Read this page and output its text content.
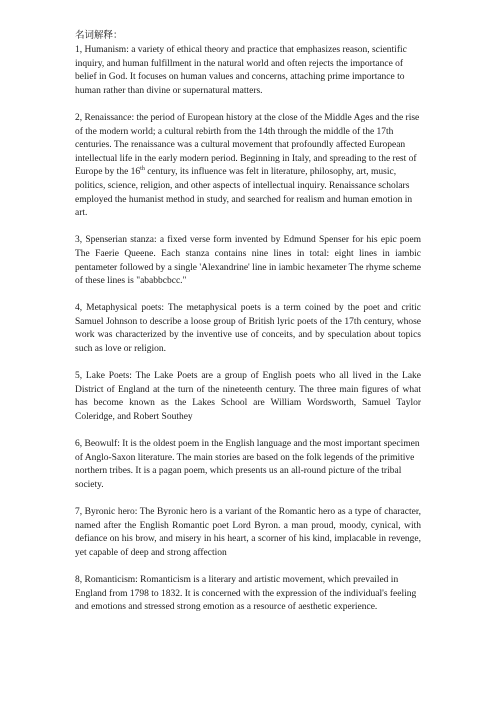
名词解释：

1, Humanism: a variety of ethical theory and practice that emphasizes reason, scientific inquiry, and human fulfillment in the natural world and often rejects the importance of belief in God. It focuses on human values and concerns, attaching prime importance to human rather than divine or supernatural matters.

2, Renaissance: the period of European history at the close of the Middle Ages and the rise of the modern world; a cultural rebirth from the 14th through the middle of the 17th centuries. The renaissance was a cultural movement that profoundly affected European intellectual life in the early modern period. Beginning in Italy, and spreading to the rest of Europe by the 16th century, its influence was felt in literature, philosophy, art, music, politics, science, religion, and other aspects of intellectual inquiry. Renaissance scholars employed the humanist method in study, and searched for realism and human emotion in art.

3, Spenserian stanza: a fixed verse form invented by Edmund Spenser for his epic poem The Faerie Queene. Each stanza contains nine lines in total: eight lines in iambic pentameter followed by a single 'Alexandrine' line in iambic hexameter The rhyme scheme of these lines is "ababbcbcc."

4, Metaphysical poets: The metaphysical poets is a term coined by the poet and critic Samuel Johnson to describe a loose group of British lyric poets of the 17th century, whose work was characterized by the inventive use of conceits, and by speculation about topics such as love or religion.

5, Lake Poets: The Lake Poets are a group of English poets who all lived in the Lake District of England at the turn of the nineteenth century. The three main figures of what has become known as the Lakes School are William Wordsworth, Samuel Taylor Coleridge, and Robert Southey

6, Beowulf: It is the oldest poem in the English language and the most important specimen of Anglo-Saxon literature. The main stories are based on the folk legends of the primitive northern tribes. It is a pagan poem, which presents us an all-round picture of the tribal society.

7, Byronic hero: The Byronic hero is a variant of the Romantic hero as a type of character, named after the English Romantic poet Lord Byron. a man proud, moody, cynical, with defiance on his brow, and misery in his heart, a scorner of his kind, implacable in revenge, yet capable of deep and strong affection

8, Romanticism: Romanticism is a literary and artistic movement, which prevailed in England from 1798 to 1832. It is concerned with the expression of the individual's feeling and emotions and stressed strong emotion as a resource of aesthetic experience.
